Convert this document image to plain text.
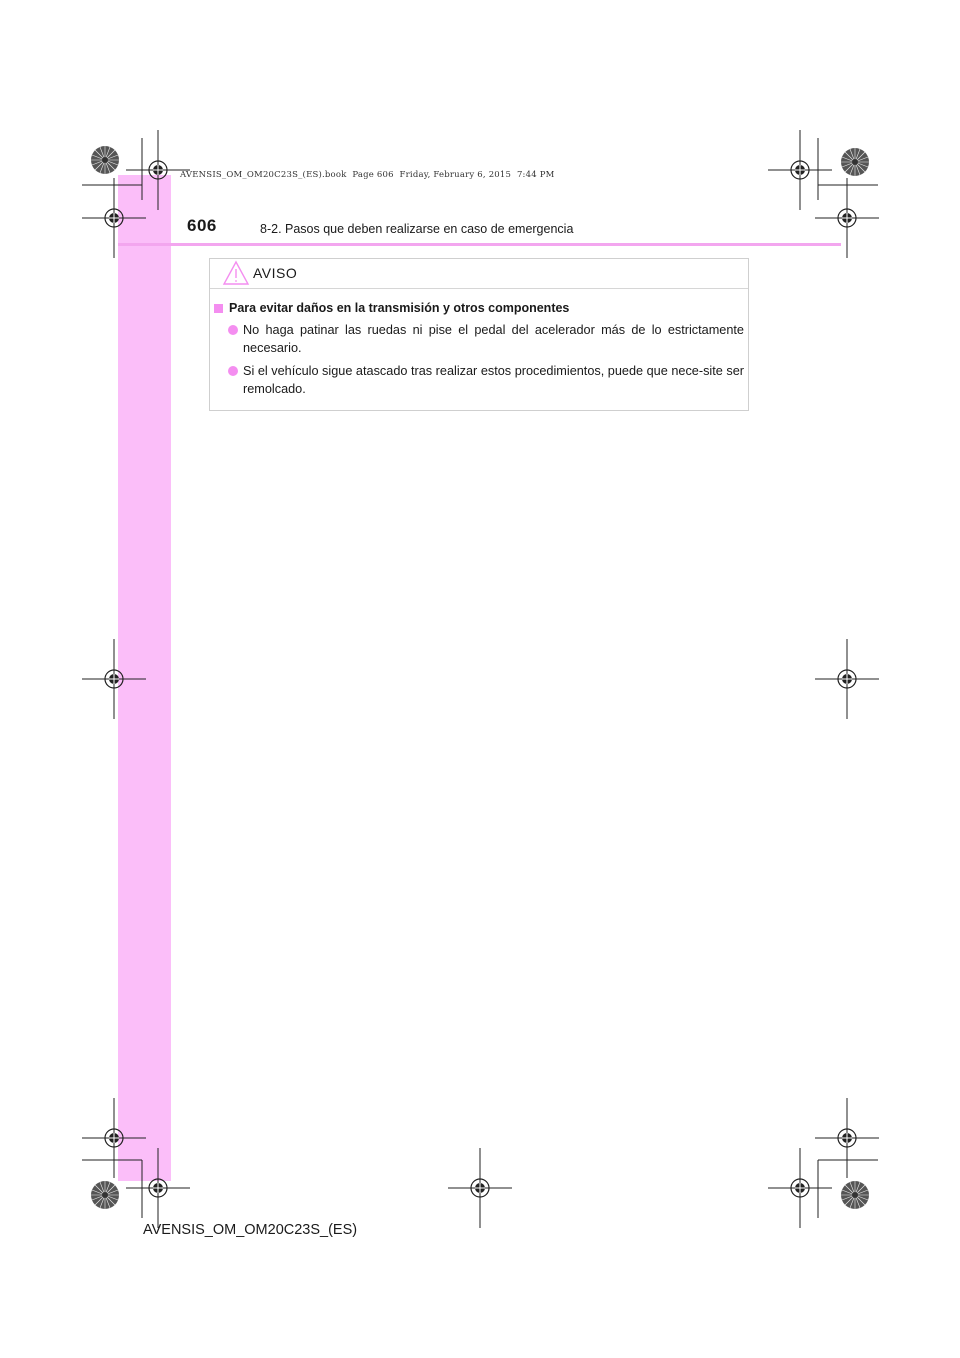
AVENSIS_OM_OM20C23S_(ES).book  Page 606  Friday, February 6, 2015  7:44 PM
606	8-2. Pasos que deben realizarse en caso de emergencia
AVISO
Para evitar daños en la transmisión y otros componentes
No haga patinar las ruedas ni pise el pedal del acelerador más de lo estrictamente necesario.
Si el vehículo sigue atascado tras realizar estos procedimientos, puede que nece-site ser remolcado.
AVENSIS_OM_OM20C23S_(ES)
